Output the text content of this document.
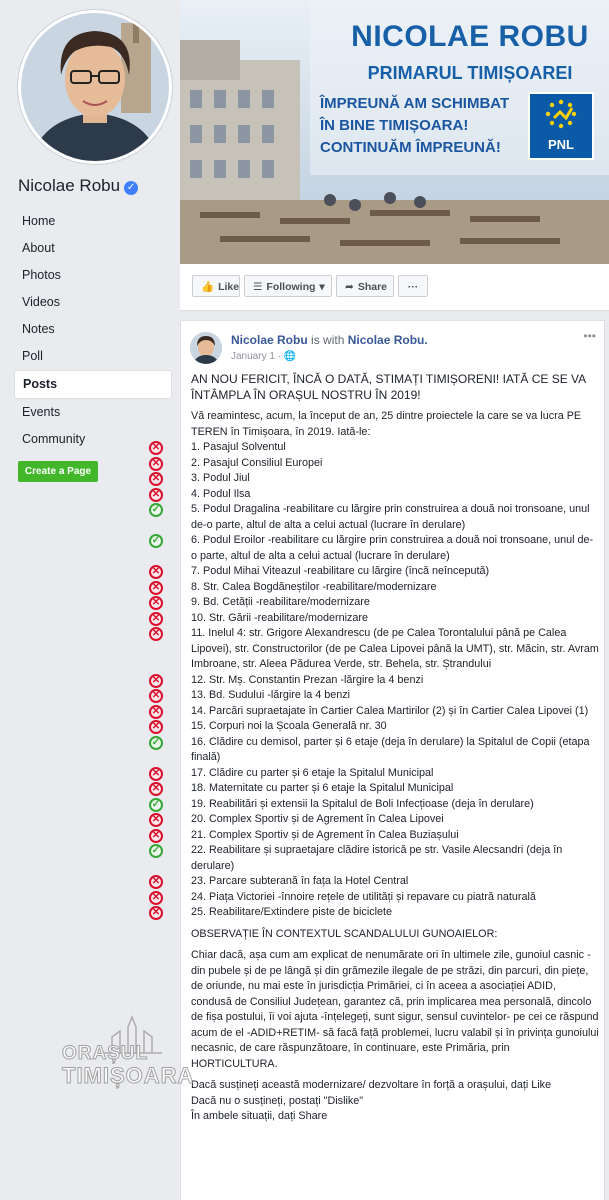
Nicolae Robu ✓
Home
About
Photos
Videos
Notes
Poll
Posts
Events
Community
Create a Page
NICOLAE ROBU
PRIMARUL TIMIȘOAREI
ÎMPREUNĂ AM SCHIMBAT
ÎN BINE TIMIȘOARA!
CONTINUĂM ÎMPREUNĂ!	PNL
👍 Like	☰ Following ▾	➦ Share	···
Nicolae Robu is with Nicolae Robu.
January 1 · 🌐
•••
AN NOU FERICIT, ÎNCĂ O DATĂ, STIMAȚI TIMIȘORENI! IATĂ CE SE VA ÎNTÂMPLA ÎN ORAȘUL NOSTRU ÎN 2019!
Vă reamintesc, acum, la început de an, 25 dintre proiectele la care se va lucra PE TEREN în Timișoara, în 2019. Iată-le:
✕	1. Pasajul Solventul
✕	2. Pasajul Consiliul Europei
✕	3. Podul Jiul
✕	4. Podul Ilsa
✓	5. Podul Dragalina -reabilitare cu lărgire prin construirea a două noi tronsoane, unul de-o parte, altul de alta a celui actual (lucrare în derulare)
✓	6. Podul Eroilor -reabilitare cu lărgire prin construirea a două noi tronsoane, unul de-o parte, altul de alta a celui actual (lucrare în derulare)
✕	7. Podul Mihai Viteazul -reabilitare cu lărgire (încă neîncepută)
✕	8. Str. Calea Bogdăneștilor -reabilitare/modernizare
✕	9. Bd. Cetății -reabilitare/modernizare
✕	10. Str. Gării -reabilitare/modernizare
✕	11. Inelul 4: str. Grigore Alexandrescu (de pe Calea Torontalului până pe Calea Lipovei), str. Constructorilor (de pe Calea Lipovei până la UMT), str. Măcin, str. Avram Imbroane, str. Aleea Pădurea Verde, str. Behela, str. Ștrandului
✕	12. Str. Mș. Constantin Prezan -lărgire la 4 benzi
✕	13. Bd. Sudului -lărgire la 4 benzi
✕	14. Parcări supraetajate în Cartier Calea Martirilor (2) și în Cartier Calea Lipovei (1)
✕	15. Corpuri noi la Școala Generală nr. 30
✓	16. Clădire cu demisol, parter și 6 etaje (deja în derulare) la Spitalul de Copii (etapa finală)
✕	17. Clădire cu parter și 6 etaje la Spitalul Municipal
✕	18. Maternitate cu parter și 6 etaje la Spitalul Municipal
✓	19. Reabilitări și extensii la Spitalul de Boli Infecțioase (deja în derulare)
✕	20. Complex Sportiv și de Agrement în Calea Lipovei
✕	21. Complex Sportiv și de Agrement în Calea Buziașului
✓	22. Reabilitare și supraetajare clădire istorică pe str. Vasile Alecsandri (deja în derulare)
✕	23. Parcare subterană în fața la Hotel Central
✕	24. Piața Victoriei -înnoire rețele de utilități și repavare cu piatră naturală
✕	25. Reabilitare/Extindere piste de biciclete
OBSERVAȚIE ÎN CONTEXTUL SCANDALULUI GUNOAIELOR:
Chiar dacă, așa cum am explicat de nenumărate ori în ultimele zile, gunoiul casnic -din pubele și de pe lângă și din grămezile ilegale de pe străzi, din parcuri, din piețe, de oriunde, nu mai este în jurisdicția Primăriei, ci în aceea a asociației ADID, condusă de Consiliul Județean, garantez că, prin implicarea mea personală, dincolo de fișa postului, îi voi ajuta -înțelegeți, sunt sigur, sensul cuvintelor- pe cei ce răspund acum de el -ADID+RETIM- să facă față problemei, lucru valabil și în privința gunoiului necasnic, de care răspunzătoare, în continuare, este Primăria, prin HORTICULTURA.
Dacă susțineți această modernizare/ dezvoltare în forță a orașului, dați Like
Dacă nu o susțineți, postați "Dislike"
În ambele situații, dați Share
ORAȘUL
TIMIȘOARA
